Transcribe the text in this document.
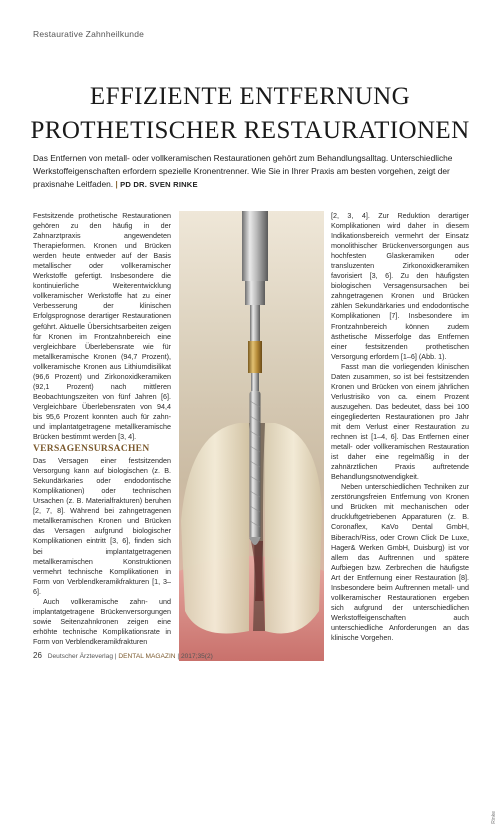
Restaurative Zahnheilkunde
EFFIZIENTE ENTFERNUNG
PROTHETISCHER RESTAURATIONEN
Das Entfernen von metall- oder vollkeramischen Restaurationen gehört zum Behandlungsalltag. Unterschiedliche Werkstoffeigenschaften erfordern spezielle Kronentrenner. Wie Sie in Ihrer Praxis am besten vorgehen, zeigt der praxisnahe Leitfaden. | PD DR. SVEN RINKE

Festsitzende prothetische Restaurationen gehören zu den häufig in der Zahnarztpraxis angewendeten Therapieformen. Kronen und Brücken werden heute entweder auf der Basis metallischer oder vollkeramischer Werkstoffe gefertigt. Insbesondere die kontinuierliche Weiterentwicklung vollkeramischer Werkstoffe hat zu einer Verbesserung der klinischen Erfolgsprognose derartiger Restaurationen geführt. Aktuelle Übersichtsarbeiten zeigen für Kronen im Frontzahnbereich eine vergleichbare Überlebensrate wie für metallkeramische Kronen (94,7 Prozent), vollkeramische Kronen aus Lithiumdisilikat (96,6 Prozent) und Zirkonoxidkeramiken (92,1 Prozent) nach mittleren Beobachtungszeiten von fünf Jahren [6]. Vergleichbare Überlebensraten von 94,4 bis 95,6 Prozent konnten auch für zahn- und implantatgetragene metallkeramische Brücken bestimmt werden [3, 4].

VERSAGENSURSACHEN

Das Versagen einer festsitzenden Versorgung kann auf biologischen (z. B. Sekundärkaries oder endodontische Komplikationen) oder technischen Ursachen (z. B. Materialfrakturen) beruhen [2, 7, 8]. Während bei zahngetragenen metallkeramischen Kronen und Brücken das Versagen aufgrund biologischer Komplikationen eintritt [3, 6], finden sich bei implantatgetragenen metallkeramischen Konstruktionen vermehrt technische Komplikationen in Form von Verblendkeramikfrakturen [1, 3–6].

Auch vollkeramische zahn- und implantatgetragene Brückenversorgungen sowie Seitenzahnkronen zeigen eine erhöhte technische Komplikationsrate in Form von Verblendkeramikfrakturen

Rinke

[2, 3, 4]. Zur Reduktion derartiger Komplikationen wird daher in diesem Indikationsbereich vermehrt der Einsatz monolithischer Brückenversorgungen aus hochfesten Glaskeramiken oder transluzenten Zirkonoxidkeramiken favorisiert [3, 6]. Zu den häufigsten biologischen Versagensursachen bei zahngetragenen Kronen und Brücken zählen Sekundärkaries und endodontische Komplikationen [7]. Insbesondere im Frontzahnbereich können zudem ästhetische Misserfolge das Entfernen einer festsitzenden prothetischen Versorgung erfordern [1–6] (Abb. 1).

Fasst man die vorliegenden klinischen Daten zusammen, so ist bei festsitzenden Kronen und Brücken von einem jährlichen Verlustrisiko von ca. einem Prozent auszugehen. Das bedeutet, dass bei 100 eingegliederten Restaurationen pro Jahr mit dem Verlust einer Restauration zu rechnen ist [1–4, 6]. Das Entfernen einer metall- oder vollkeramischen Restauration ist daher eine regelmäßig in der zahnärztlichen Praxis auftretende Behandlungsnotwendigkeit.

Neben unterschiedlichen Techniken zur zerstörungsfreien Entfernung von Kronen und Brücken mit mechanischen oder druckluftgetriebenen Apparaturen (z. B. Coronaflex, KaVo Dental GmbH, Biberach/Riss, oder Crown Click De Luxe, Hager& Werken GmbH, Duisburg) ist vor allem das Auftrennen und spätere Aufbiegen bzw. Zerbrechen die häufigste Art der Entfernung einer Restauration [8]. Insbesondere beim Auftrennen metall- und vollkeramischer Restaurationen ergeben sich aufgrund der unterschiedlichen Werkstoffeigenschaften auch unterschiedliche Anforderungen an das klinische Vorgehen.

26 Deutscher Ärzteverlag | DENTAL MAGAZIN | 2017;35(2)
